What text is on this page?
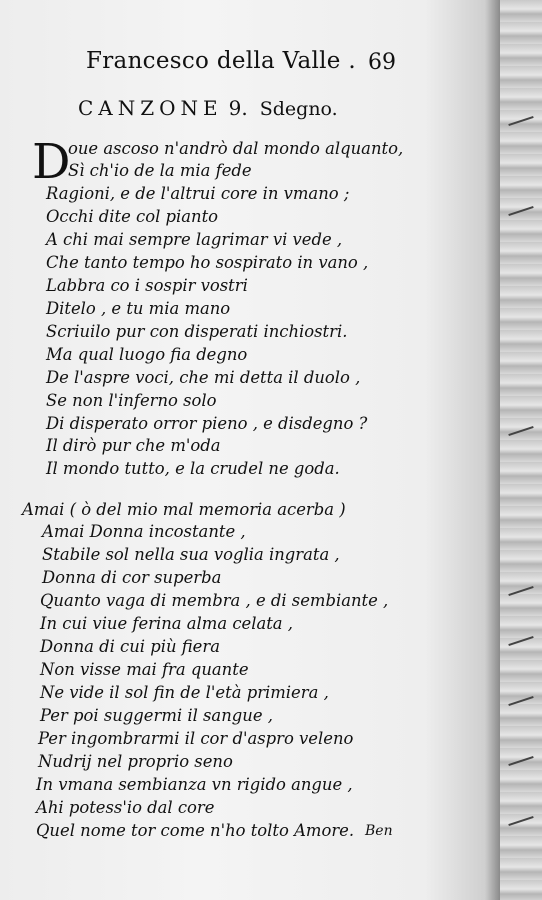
Francesco della Valle . 69
CANZONE 9. Sdegno.
D
oue ascoso n'andrò dal mondo alquanto,
Sì ch'io de la mia fede
Ragioni, e de l'altrui core in vmano ;
Occhi dite col pianto
A chi mai sempre lagrimar vi vede ,
Che tanto tempo ho sospirato in vano ,
Labbra co i sospir vostri
Ditelo , e tu mia mano
Scriuilo pur con disperati inchiostri.
Ma qual luogo fia degno
De l'aspre voci, che mi detta il duolo ,
Se non l'inferno solo
Di disperato orror pieno , e disdegno ?
Il dirò pur che m'oda
Il mondo tutto, e la crudel ne goda.
Amai ( ò del mio mal memoria acerba )
Amai Donna incostante ,
Stabile sol nella sua voglia ingrata ,
Donna di cor superba
Quanto vaga di membra , e di sembiante ,
In cui viue ferina alma celata ,
Donna di cui più fiera
Non visse mai fra quante
Ne vide il sol fin de l'età primiera ,
Per poi suggermi il sangue ,
Per ingombrarmi il cor d'aspro veleno
Nudrij nel proprio seno
In vmana sembianza vn rigido angue ,
Ahi potess'io dal core
Quel nome tor come n'ho tolto Amore. Ben
